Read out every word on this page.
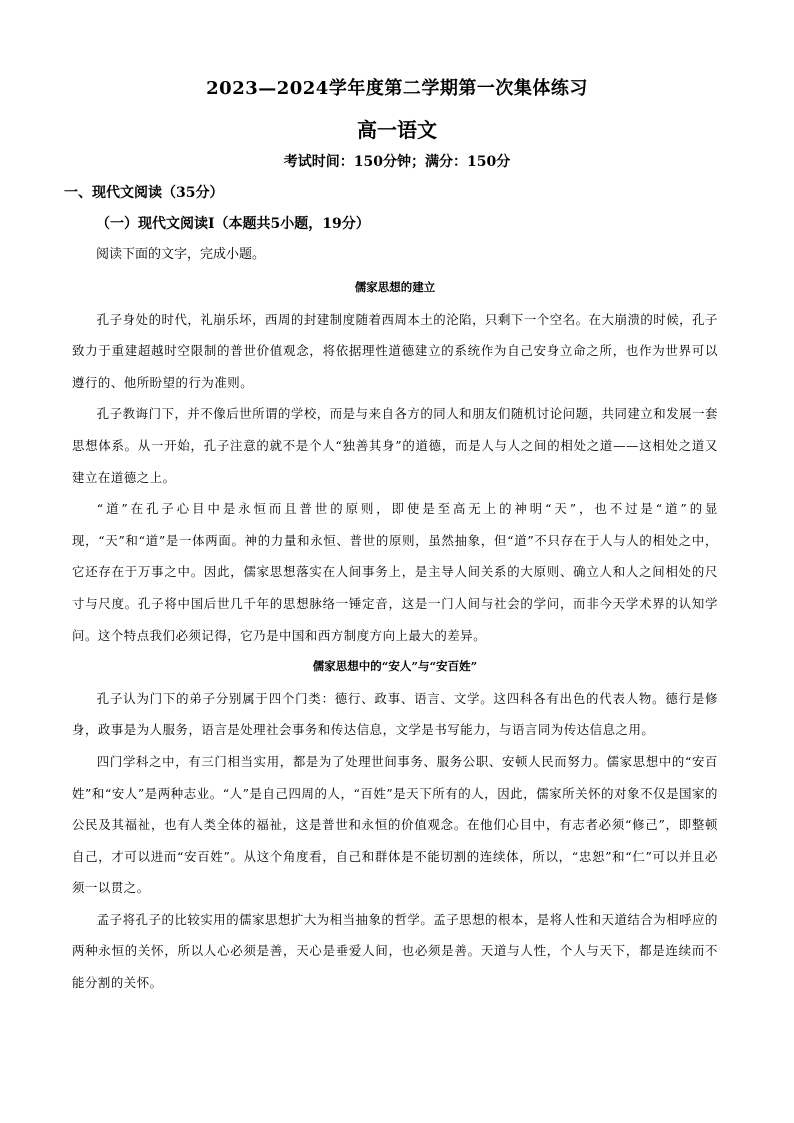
2023—2024学年度第二学期第一次集体练习
高一语文
考试时间：150分钟；满分：150分
一、现代文阅读（35分）
（一）现代文阅读Ⅰ（本题共5小题，19分）
阅读下面的文字，完成小题。

儒家思想的建立

孔子身处的时代，礼崩乐坏，西周的封建制度随着西周本土的沦陷，只剩下一个空名。在大崩溃的时候，孔子致力于重建超越时空限制的普世价值观念，将依据理性道德建立的系统作为自己安身立命之所，也作为世界可以遵行的、他所盼望的行为准则。

孔子教诲门下，并不像后世所谓的学校，而是与来自各方的同人和朋友们随机讨论问题，共同建立和发展一套思想体系。从一开始，孔子注意的就不是个人“独善其身”的道德，而是人与人之间的相处之道——这相处之道又建立在道德之上。

“道”在孔子心目中是永恒而且普世的原则，即使是至高无上的神明“天”，也不过是“道”的显现，“天”和“道”是一体两面。神的力量和永恒、普世的原则，虽然抽象，但“道”不只存在于人与人的相处之中，它还存在于万事之中。因此，儒家思想落实在人间事务上，是主导人间关系的大原则、确立人和人之间相处的尺寸与尺度。孔子将中国后世几千年的思想脉络一锤定音，这是一门人间与社会的学问，而非今天学术界的认知学问。这个特点我们必须记得，它乃是中国和西方制度方向上最大的差异。

儒家思想中的“安人”与“安百姓”

孔子认为门下的弟子分别属于四个门类：德行、政事、语言、文学。这四科各有出色的代表人物。德行是修身，政事是为人服务，语言是处理社会事务和传达信息，文学是书写能力，与语言同为传达信息之用。

四门学科之中，有三门相当实用，都是为了处理世间事务、服务公职、安顿人民而努力。儒家思想中的“安百姓”和“安人”是两种志业。“人”是自己四周的人，“百姓”是天下所有的人，因此，儒家所关怀的对象不仅是国家的公民及其福祉，也有人类全体的福祉，这是普世和永恒的价值观念。在他们心目中，有志者必须“修己”，即整顿自己，才可以进而“安百姓”。从这个角度看，自己和群体是不能切割的连续体，所以，“忠恕”和“仁”可以并且必须一以贯之。

孟子将孔子的比较实用的儒家思想扩大为相当抽象的哲学。孟子思想的根本，是将人性和天道结合为相呼应的两种永恒的关怀，所以人心必须是善，天心是垂爱人间，也必须是善。天道与人性，个人与天下，都是连续而不能分割的关怀。
